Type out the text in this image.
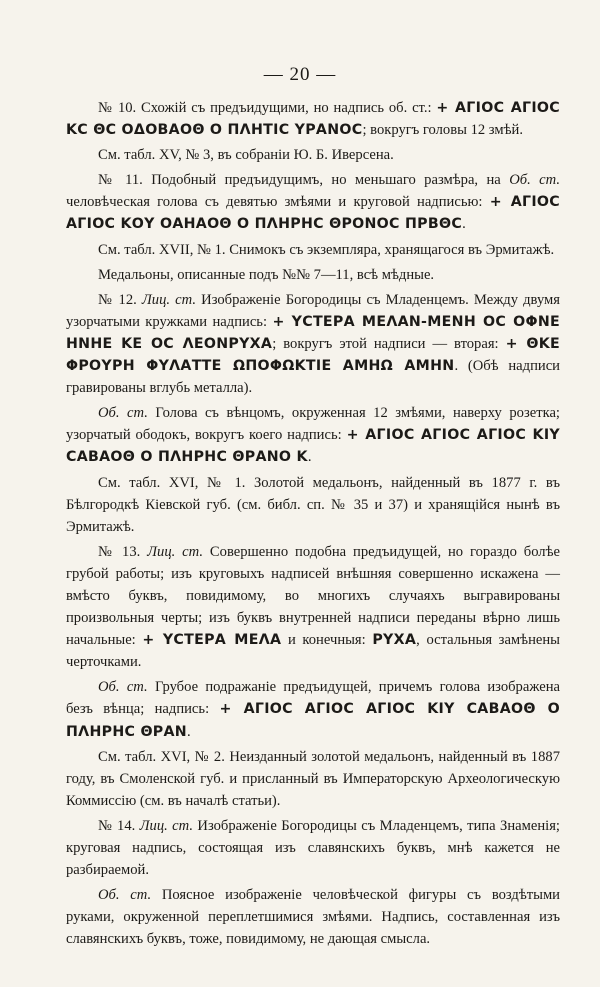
— 20 —

№ 10. Схожій съ предъидущими, но надпись об. ст.: + ΑΓΙΟϹ ΑΓΙΟϹ ΚϹ ΘϹ ΟΔΟΒΑΟΘ Ο ΠΛΗΤΙϹ ΥΡΑΝΟϹ; вокругъ головы 12 змѣй.

См. табл. XV, № 3, въ собраніи Ю. Б. Иверсена.

№ 11. Подобный предъидущимъ, но меньшаго размѣра, на Об. ст. человѣческая голова съ девятью змѣями и круговой надписью: + ΑΓΙΟϹ ΑΓΙΟϹ ΚΟΥ ΟΑΗΑΟΘ Ο ΠΛΗΡΗϹ ΘΡΟΝΟϹ ΠΡΒΘϹ.

См. табл. XVII, № 1. Снимокъ съ экземпляра, хранящагося въ Эрмитажѣ.

Медальоны, описанные подъ №№ 7—11, всѣ мѣдные.

№ 12. Лиц. ст. Изображеніе Богородицы съ Младенцемъ. Между двумя узорчатыми кружками надпись: + ΥϹΤΕΡΑ ΜΕΛΑΝ-ΜΕΝΗ ΟϹ ΟΦΝΕ ΗΝΗΕ ΚΕ ΟϹ ΛΕΟΝΡΥΧΑ; вокругъ этой надписи — вторая: + ΘΚΕ ΦΡΟΥΡΗ ΦΥΛΑΤΤΕ ΩΠΟΦΩΚΤΙΕ ΑΜΗΩ ΑΜΗΝ. (Обѣ надписи гравированы вглубь металла).

Об. ст. Голова съ вѣнцомъ, окруженная 12 змѣями, наверху розетка; узорчатый ободокъ, вокругъ коего надпись: + ΑΓΙΟϹ ΑΓΙΟϹ ΑΓΙΟϹ ΚΙΥ ϹΑΒΑΟΘ Ο ΠΛΗΡΗϹ ΘΡΑΝΟ Κ.

См. табл. XVI, № 1. Золотой медальонъ, найденный въ 1877 г. въ Бѣлгородкѣ Кіевской губ. (см. библ. сп. № 35 и 37) и хранящійся нынѣ въ Эрмитажѣ.

№ 13. Лиц. ст. Совершенно подобна предъидущей, но гораздо болѣе грубой работы; изъ круговыхъ надписей внѣшняя совершенно искажена — вмѣсто буквъ, повидимому, во многихъ случаяхъ выгравированы произвольныя черты; изъ буквъ внутренней надписи переданы вѣрно лишь начальные: + ΥϹΤΕΡΑ ΜΕΛΑ и конечныя: ΡΥΧΑ, остальныя замѣнены черточками.

Об. ст. Грубое подражаніе предъидущей, причемъ голова изображена безъ вѣнца; надпись: + ΑΓΙΟϹ ΑΓΙΟϹ ΑΓΙΟϹ ΚΙΥ ϹΑΒΑΟΘ Ο ΠΛΗΡΗϹ ΘΡΑΝ.

См. табл. XVI, № 2. Неизданный золотой медальонъ, найденный въ 1887 году, въ Смоленской губ. и присланный въ Императорскую Археологическую Коммиссію (см. въ началѣ статьи).

№ 14. Лиц. ст. Изображеніе Богородицы съ Младенцемъ, типа Знаменія; круговая надпись, состоящая изъ славянскихъ буквъ, мнѣ кажется не разбираемой.

Об. ст. Поясное изображеніе человѣческой фигуры съ воздѣтыми руками, окруженной переплетшимися змѣями. Надпись, составленная изъ славянскихъ буквъ, тоже, повидимому, не дающая смысла.
